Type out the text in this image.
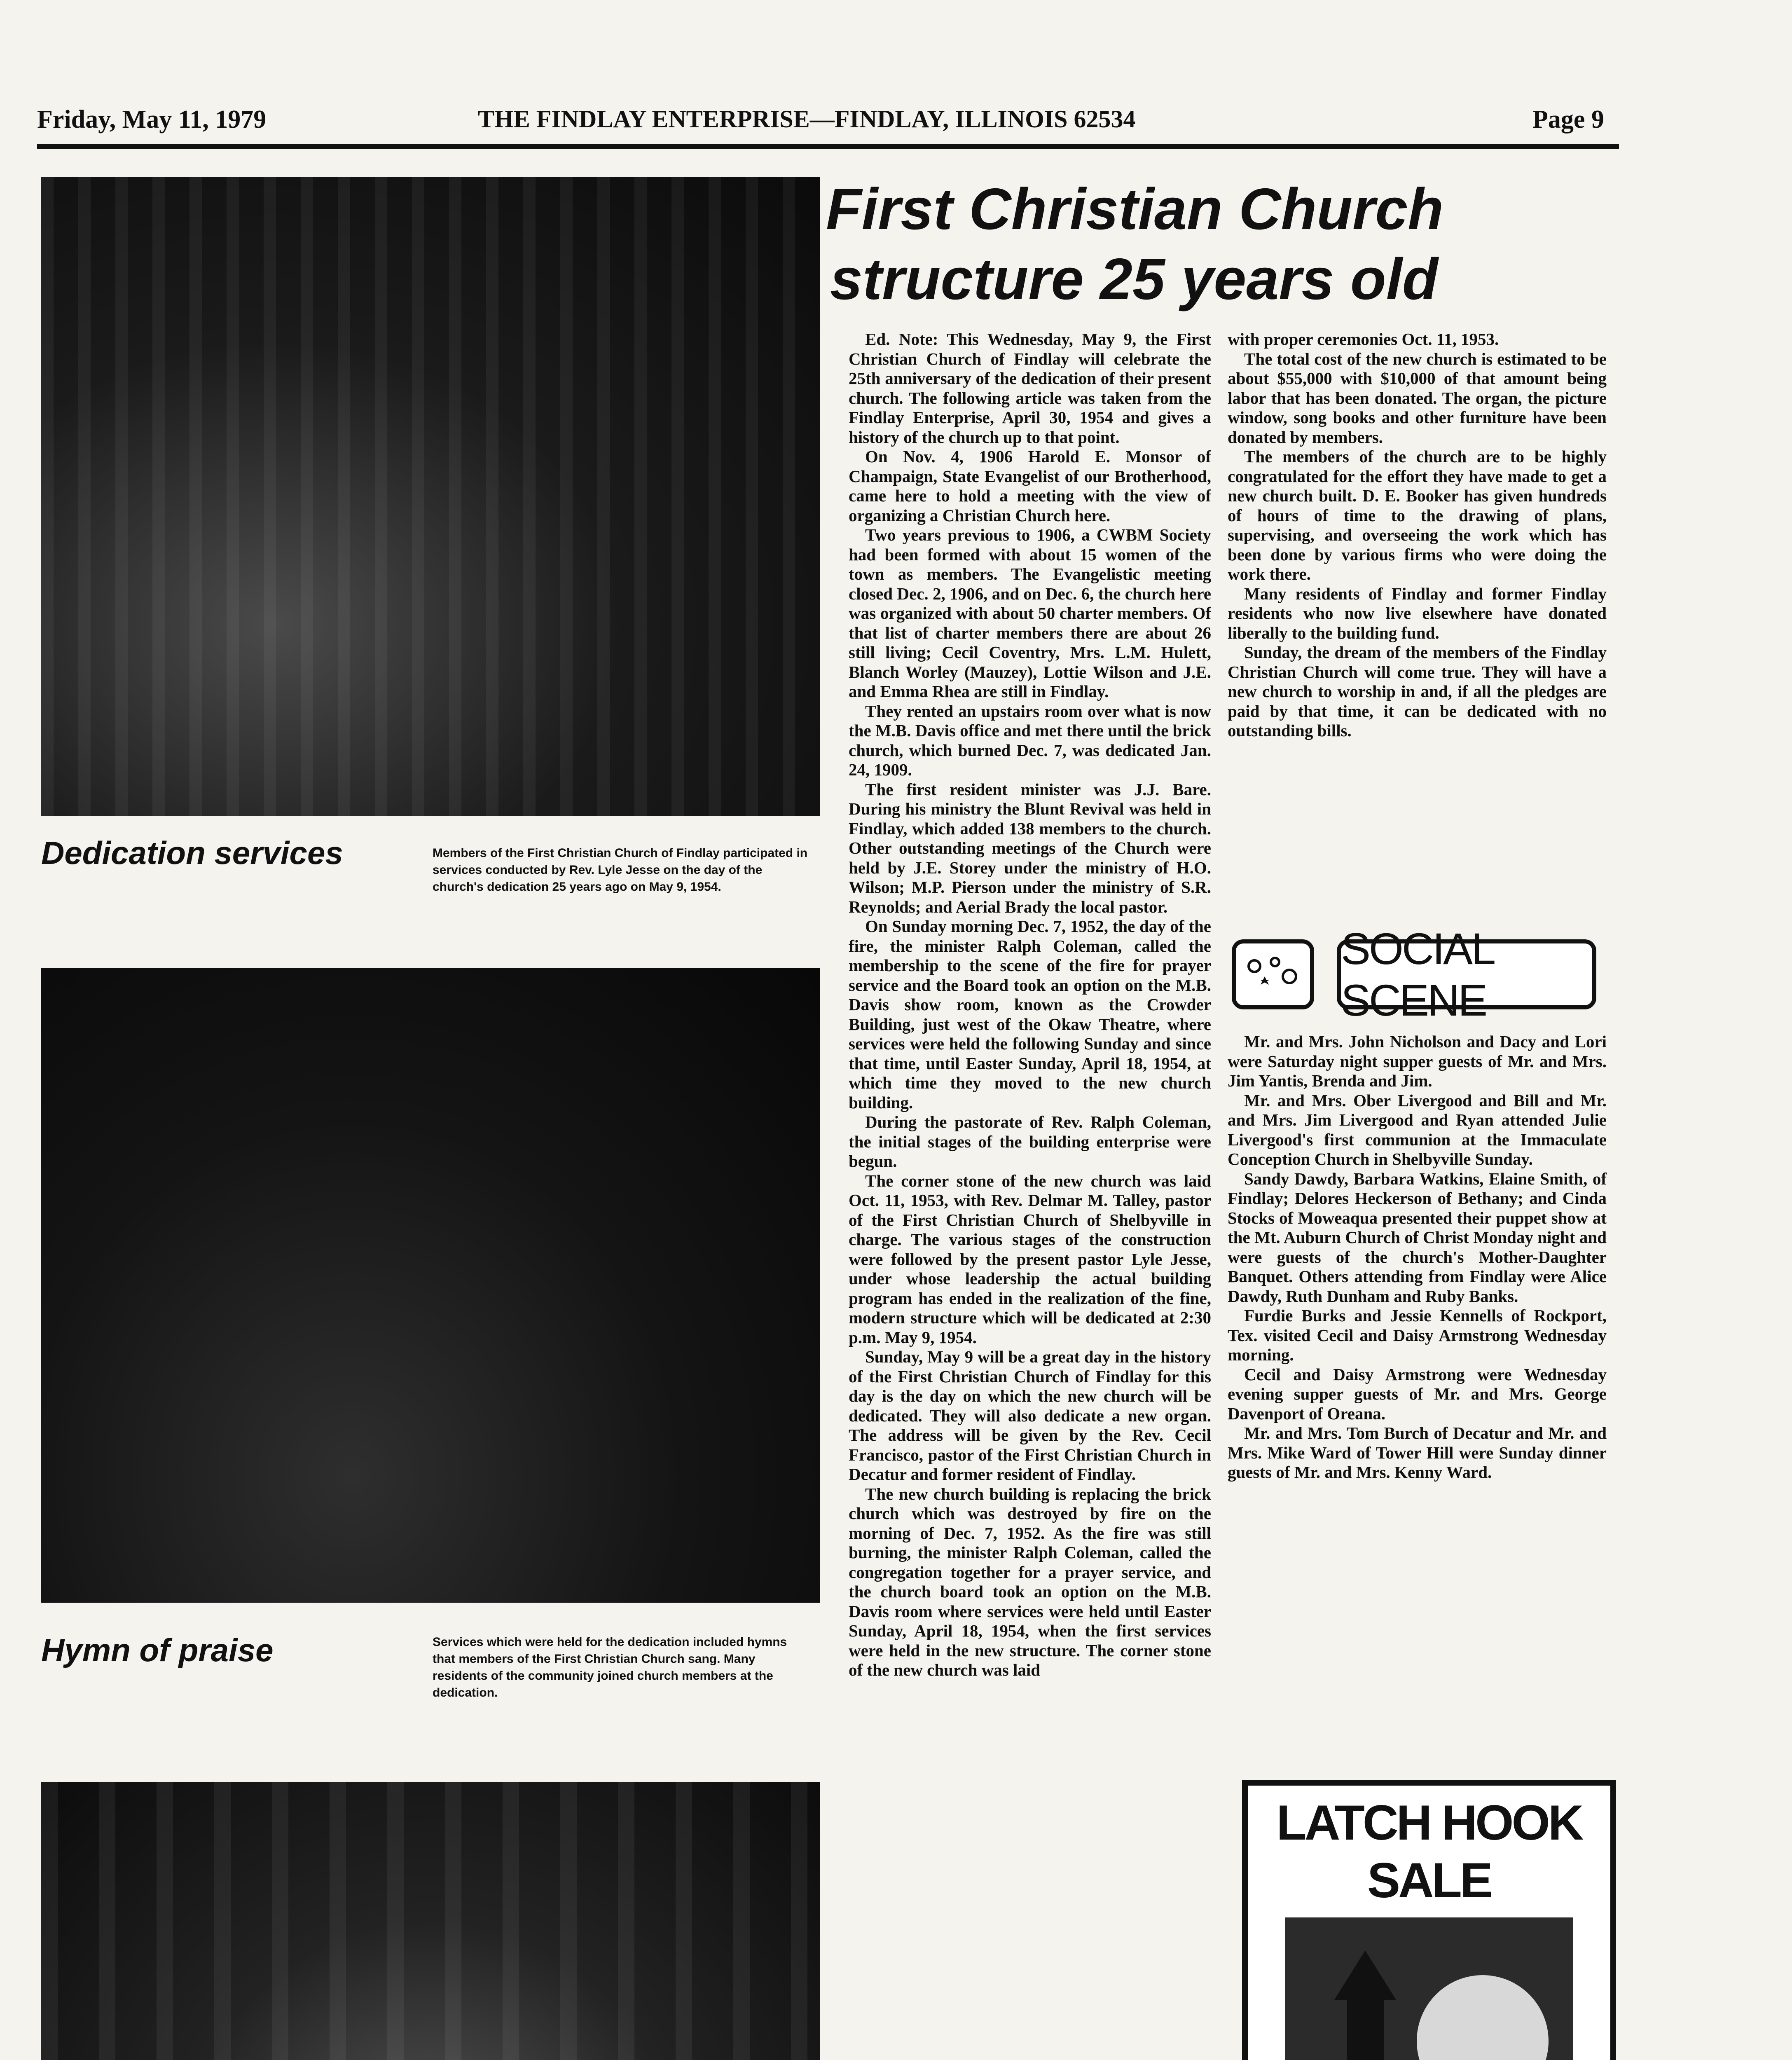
Friday, May 11, 1979	THE FINDLAY ENTERPRISE—FINDLAY, ILLINOIS 62534	Page 9
Dedication services	Members of the First Christian Church of Findlay participated in services conducted by Rev. Lyle Jesse on the day of the church's dedication 25 years ago on May 9, 1954.
Hymn of praise	Services which were held for the dedication included hymns that members of the First Christian Church sang. Many residents of the community joined church members at the dedication.

First Christian Church
structure 25 years old

Ed. Note: This Wednesday, May 9, the First Christian Church of Findlay will celebrate the 25th anniversary of the dedication of their present church. The following article was taken from the Findlay Enterprise, April 30, 1954 and gives a history of the church up to that point.

On Nov. 4, 1906 Harold E. Monsor of Champaign, State Evangelist of our Brotherhood, came here to hold a meeting with the view of organizing a Christian Church here.

Two years previous to 1906, a CWBM Society had been formed with about 15 women of the town as members. The Evangelistic meeting closed Dec. 2, 1906, and on Dec. 6, the church here was organized with about 50 charter members. Of that list of charter members there are about 26 still living; Cecil Coventry, Mrs. L.M. Hulett, Blanch Worley (Mauzey), Lottie Wilson and J.E. and Emma Rhea are still in Findlay.

They rented an upstairs room over what is now the M.B. Davis office and met there until the brick church, which burned Dec. 7, was dedicated Jan. 24, 1909.

The first resident minister was J.J. Bare. During his ministry the Blunt Revival was held in Findlay, which added 138 members to the church. Other outstanding meetings of the Church were held by J.E. Storey under the ministry of H.O. Wilson; M.P. Pierson under the ministry of S.R. Reynolds; and Aerial Brady the local pastor.

On Sunday morning Dec. 7, 1952, the day of the fire, the minister Ralph Coleman, called the membership to the scene of the fire for prayer service and the Board took an option on the M.B. Davis show room, known as the Crowder Building, just west of the Okaw Theatre, where services were held the following Sunday and since that time, until Easter Sunday, April 18, 1954, at which time they moved to the new church building.

During the pastorate of Rev. Ralph Coleman, the initial stages of the building enterprise were begun.

The corner stone of the new church was laid Oct. 11, 1953, with Rev. Delmar M. Talley, pastor of the First Christian Church of Shelbyville in charge. The various stages of the construction were followed by the present pastor Lyle Jesse, under whose leadership the actual building program has ended in the realization of the fine, modern structure which will be dedicated at 2:30 p.m. May 9, 1954.

Sunday, May 9 will be a great day in the history of the First Christian Church of Findlay for this day is the day on which the new church will be dedicated. They will also dedicate a new organ. The address will be given by the Rev. Cecil Francisco, pastor of the First Christian Church in Decatur and former resident of Findlay.

The new church building is replacing the brick church which was destroyed by fire on the morning of Dec. 7, 1952. As the fire was still burning, the minister Ralph Coleman, called the congregation together for a prayer service, and the church board took an option on the M.B. Davis room where services were held until Easter Sunday, April 18, 1954, when the first services were held in the new structure. The corner stone of the new church was laid

with proper ceremonies Oct. 11, 1953.

The total cost of the new church is estimated to be about $55,000 with $10,000 of that amount being labor that has been donated. The organ, the picture window, song books and other furniture have been donated by members.

The members of the church are to be highly congratulated for the effort they have made to get a new church built. D. E. Booker has given hundreds of hours of time to the drawing of plans, supervising, and overseeing the work which has been done by various firms who were doing the work there.

Many residents of Findlay and former Findlay residents who now live elsewhere have donated liberally to the building fund.

Sunday, the dream of the members of the Findlay Christian Church will come true. They will have a new church to worship in and, if all the pledges are paid by that time, it can be dedicated with no outstanding bills.

SOCIAL SCENE

Mr. and Mrs. John Nicholson and Dacy and Lori were Saturday night supper guests of Mr. and Mrs. Jim Yantis, Brenda and Jim.

Mr. and Mrs. Ober Livergood and Bill and Mr. and Mrs. Jim Livergood and Ryan attended Julie Livergood's first communion at the Immaculate Conception Church in Shelbyville Sunday.

Sandy Dawdy, Barbara Watkins, Elaine Smith, of Findlay; Delores Heckerson of Bethany; and Cinda Stocks of Moweaqua presented their puppet show at the Mt. Auburn Church of Christ Monday night and were guests of the church's Mother-Daughter Banquet. Others attending from Findlay were Alice Dawdy, Ruth Dunham and Ruby Banks.

Furdie Burks and Jessie Kennells of Rockport, Tex. visited Cecil and Daisy Armstrong Wednesday morning.

Cecil and Daisy Armstrong were Wednesday evening supper guests of Mr. and Mrs. George Davenport of Oreana.

Mr. and Mrs. Tom Burch of Decatur and Mr. and Mrs. Mike Ward of Tower Hill were Sunday dinner guests of Mr. and Mrs. Kenny Ward.

LATCH HOOK
SALE
